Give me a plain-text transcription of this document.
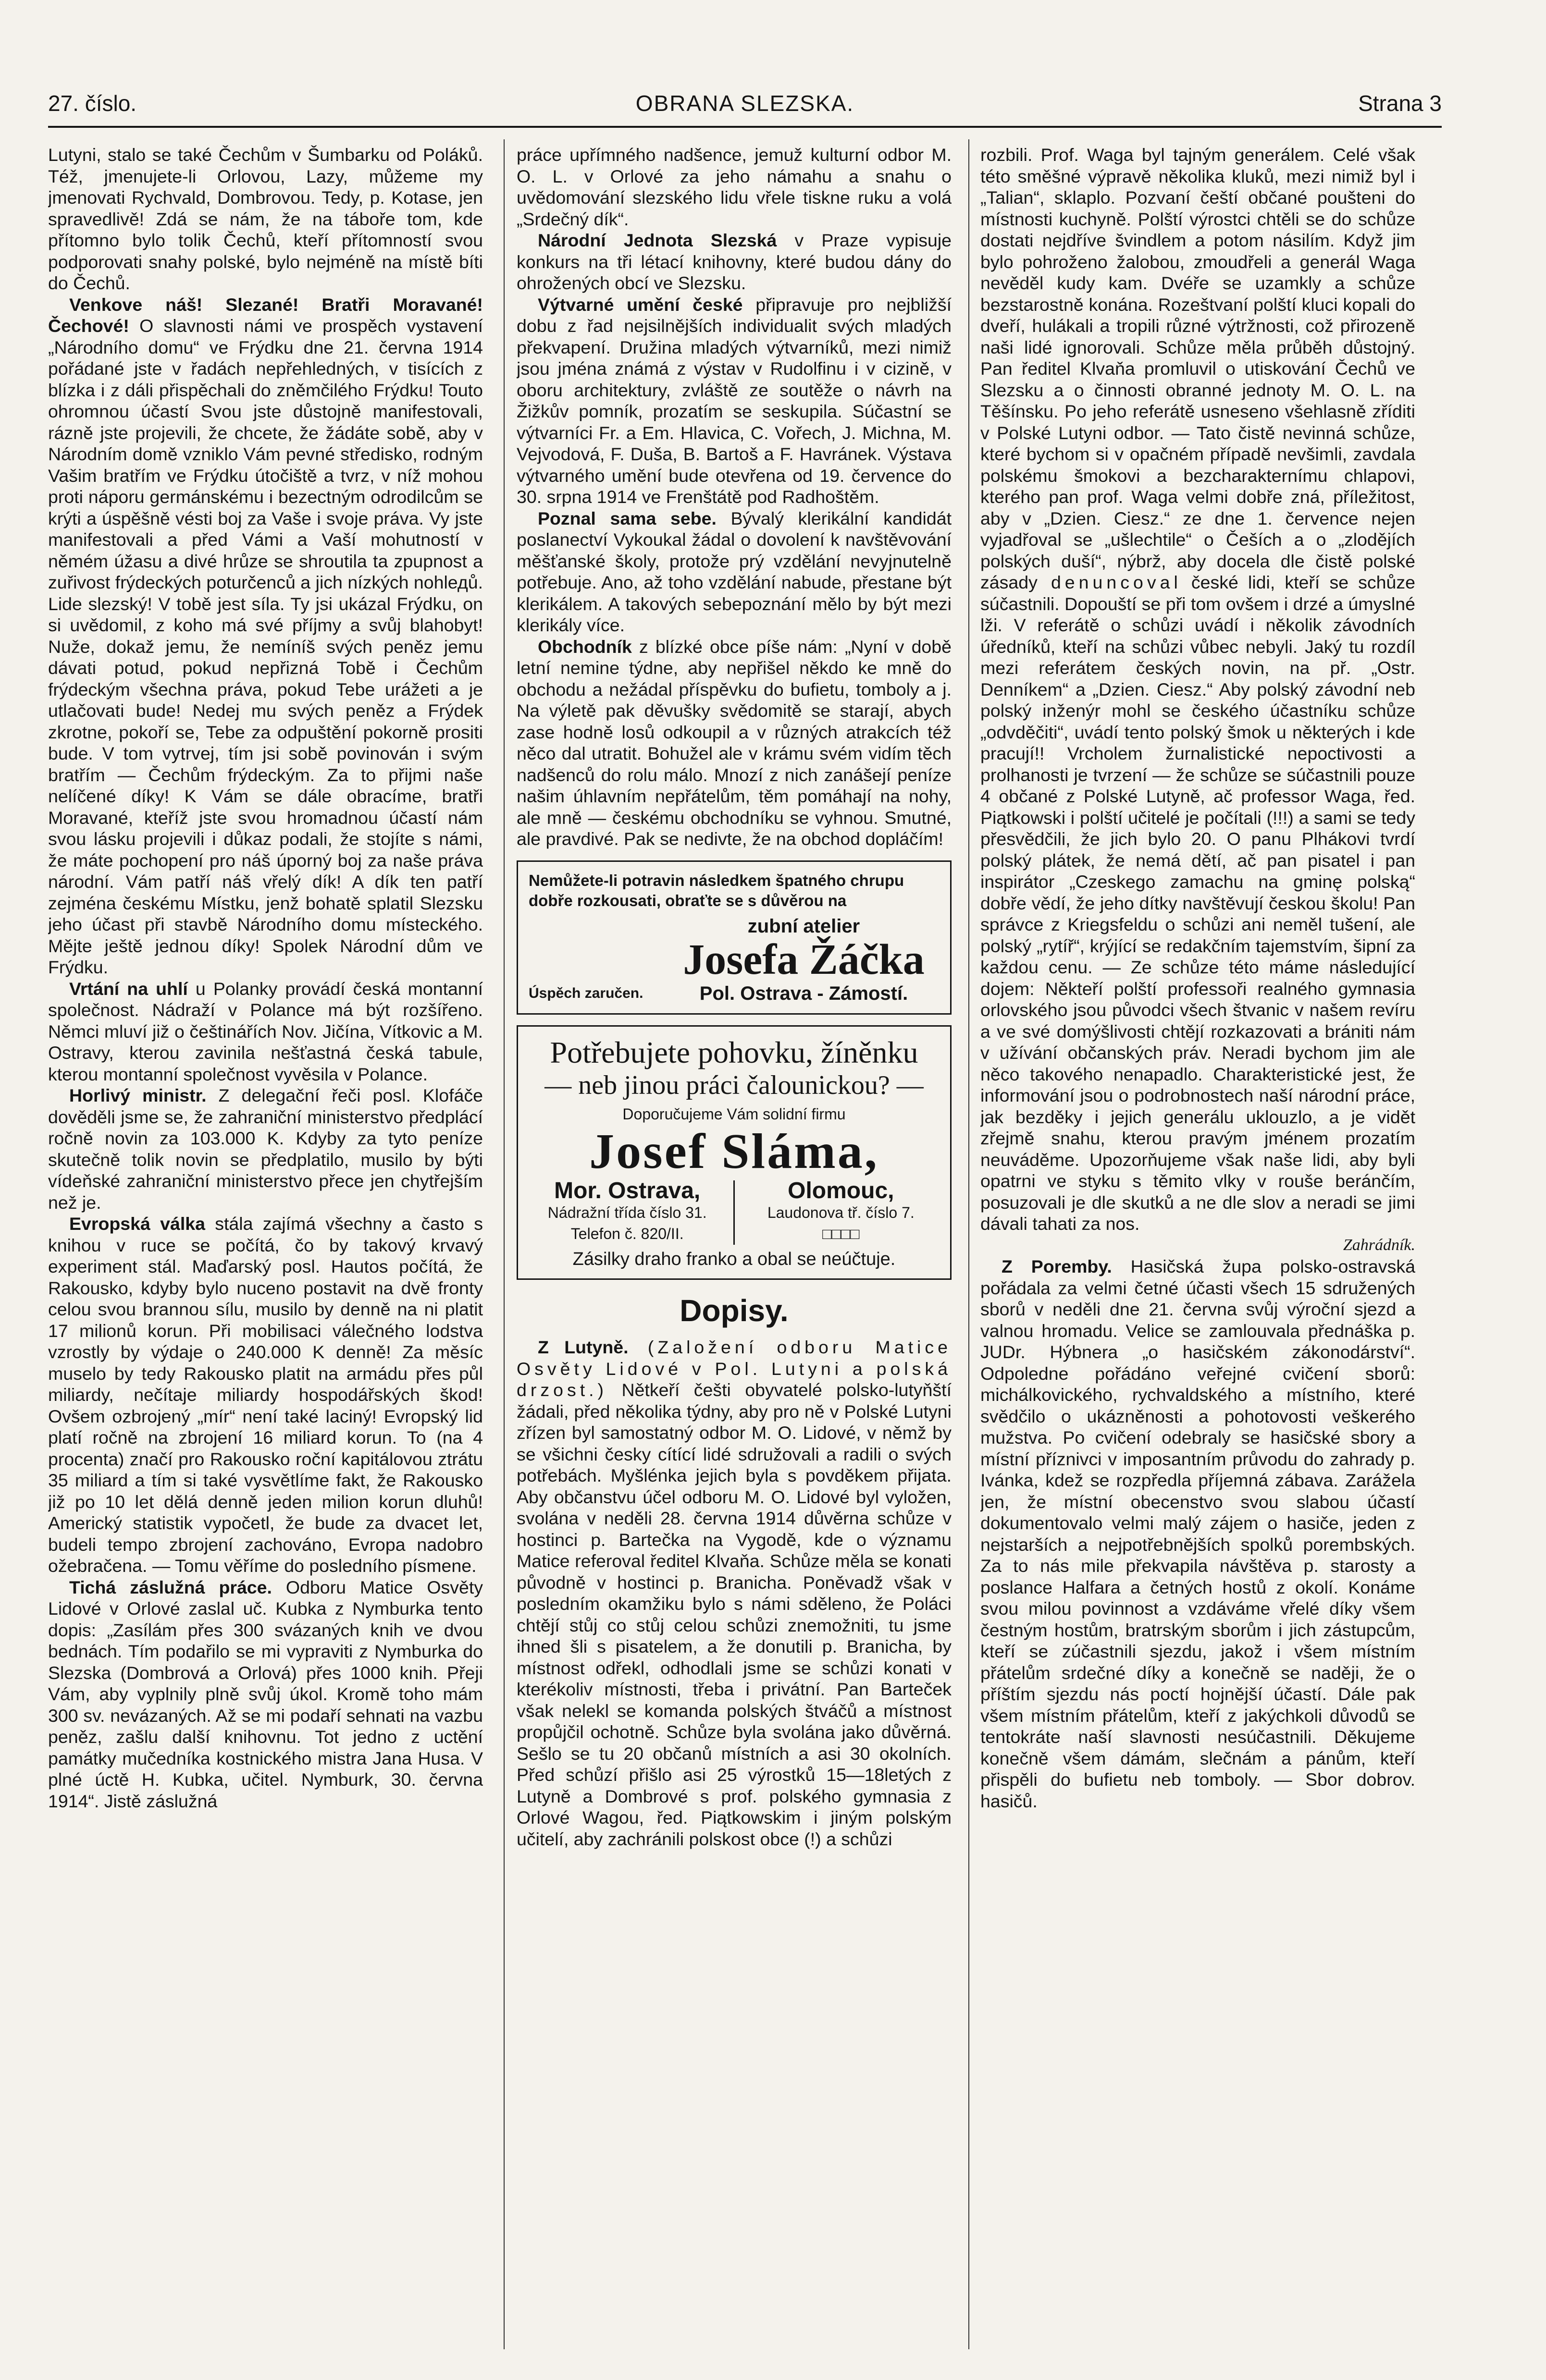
OBRANA SLEZSKA.
27. číslo.	Strana 3

Lutyni, stalo se také Čechům v Šumbarku od Poláků. Též, jmenujete-li Orlovou, Lazy, můžeme my jmenovati Rychvald, Dombrovou. Tedy, p. Kotase, jen spravedlivě! Zdá se nám, že na táboře tom, kde přítomno bylo tolik Čechů, kteří přítomností svou podporovati snahy polské, bylo nejméně na místě bíti do Čechů.

Venkove náš! Slezané! Bratři Moravané! Čechové! O slavnosti námi ve prospěch vystavení „Národního domu“ ve Frýdku dne 21. června 1914 pořádané jste v řadách nepřehledných, v tisících z blízka i z dáli přispěchali do zněmčilého Frýdku! Touto ohromnou účastí Svou jste důstojně manifestovali, rázně jste projevili, že chcete, že žádáte sobě, aby v Národním domě vzniklo Vám pevné středisko, rodným Vašim bratřím ve Frýdku útočiště a tvrz, v níž mohou proti náporu germánskému i bezectným odrodilcům se krýti a úspěšně vésti boj za Vaše i svoje práva. Vy jste manifestovali a před Vámi a Vaší mohutností v němém úžasu a divé hrůze se shroutila ta zpupnost a zuřivost frýdeckých poturčenců a jich nízkých nohlедů. Lide slezský! V tobě jest síla. Ty jsi ukázal Frýdku, on si uvědomil, z koho má své příjmy a svůj blahobyt! Nuže, dokaž jemu, že nemíníš svých peněz jemu dávati potud, pokud nepřizná Tobě i Čechům frýdeckým všechna práva, pokud Tebe urážeti a je utlačovati bude! Nedej mu svých peněz a Frýdek zkrotne, pokoří se, Tebe za odpuštění pokorně prositi bude. V tom vytrvej, tím jsi sobě povinován i svým bratřím — Čechům frýdeckým. Za to přijmi naše nelíčené díky! K Vám se dále obracíme, bratři Moravané, kteříž jste svou hromadnou účastí nám svou lásku projevili i důkaz podali, že stojíte s námi, že máte pochopení pro náš úporný boj za naše práva národní. Vám patří náš vřelý dík! A dík ten patří zejména českému Místku, jenž bohatě splatil Slezsku jeho účast při stavbě Národního domu místeckého. Mějte ještě jednou díky! Spolek Národní dům ve Frýdku.

Vrtání na uhlí u Polanky provádí česká montanní společnost. Nádraží v Polance má být rozšířeno. Němci mluví již o češtinářích Nov. Jičína, Vítkovic a M. Ostravy, kterou zavinila nešťastná česká tabule, kterou montanní společnost vyvěsila v Polance.

Horlivý ministr. Z delegační řeči posl. Klofáče dověděli jsme se, že zahraniční ministerstvo předplácí ročně novin za 103.000 K. Kdyby za tyto peníze skutečně tolik novin se předplatilo, musilo by býti vídeňské zahraniční ministerstvo přece jen chytřejším než je.

Evropská válka stála zajímá všechny a často s knihou v ruce se počítá, čo by takový krvavý experiment stál. Maďarský posl. Hautos počítá, že Rakousko, kdyby bylo nuceno postavit na dvě fronty celou svou brannou sílu, musilo by denně na ni platit 17 milionů korun. Při mobilisaci válečného lodstva vzrostly by výdaje o 240.000 K denně! Za měsíc muselo by tedy Rakousko platit na armádu přes půl miliardy, nečítaje miliardy hospodářských škod! Ovšem ozbrojený „mír“ není také laciný! Evropský lid platí ročně na zbrojení 16 miliard korun. To (na 4 procenta) značí pro Rakousko roční kapitálovou ztrátu 35 miliard a tím si také vysvětlíme fakt, že Rakousko již po 10 let dělá denně jeden milion korun dluhů! Americký statistik vypočetl, že bude za dvacet let, budeli tempo zbrojení zachováno, Evropa nadobro ožebračena. — Tomu věříme do posledního písmene.

Tichá záslužná práce. Odboru Matice Osvěty Lidové v Orlové zaslal uč. Kubka z Nymburka tento dopis: „Zasílám přes 300 svázaných knih ve dvou bednách. Tím podařilo se mi vypraviti z Nymburka do Slezska (Dombrová a Orlová) přes 1000 knih. Přeji Vám, aby vyplnily plně svůj úkol. Kromě toho mám 300 sv. nevázaných. Až se mi podaří sehnati na vazbu peněz, zašlu další knihovnu. Tot jedno z uctění památky mučedníka kostnického mistra Jana Husa. V plné úctě H. Kubka, učitel. Nymburk, 30. června 1914“. Jistě záslužná

práce upřímného nadšence, jemuž kulturní odbor M. O. L. v Orlové za jeho námahu a snahu o uvědomování slezského lidu vřele tiskne ruku a volá „Srdečný dík“.

Národní Jednota Slezská v Praze vypisuje konkurs na tři létací knihovny, které budou dány do ohrožených obcí ve Slezsku.

Výtvarné umění české připravuje pro nejbližší dobu z řad nejsilnějších individualit svých mladých překvapení. Družina mladých výtvarníků, mezi nimiž jsou jména známá z výstav v Rudolfinu i v cizině, v oboru architektury, zvláště ze soutěže o návrh na Žižkův pomník, prozatím se seskupila. Súčastní se výtvarníci Fr. a Em. Hlavica, C. Vořech, J. Michna, M. Vejvodová, F. Duša, B. Bartoš a F. Havránek. Výstava výtvarného umění bude otevřena od 19. července do 30. srpna 1914 ve Frenštátě pod Radhoštěm.

Poznal sama sebe. Bývalý klerikální kandidát poslanectví Vykoukal žádal o dovolení k navštěvování měšťanské školy, protože prý vzdělání nevyjnutelně potřebuje. Ano, až toho vzdělání nabude, přestane být klerikálem. A takových sebepoznání mělo by být mezi klerikály více.

Obchodník z blízké obce píše nám: „Nyní v době letní nemine týdne, aby nepřišel někdo ke mně do obchodu a nežádal příspěvku do bufietu, tomboly a j. Na výletě pak děvušky svědomitě se starají, abych zase hodně losů odkoupil a v různých atrakcích též něco dal utratit. Bohužel ale v krámu svém vidím těch nadšenců do rolu málo. Mnozí z nich zanášejí peníze našim úhlavním nepřátelům, těm pomáhají na nohy, ale mně — českému obchodníku se vyhnou. Smutné, ale pravdivé. Pak se nedivte, že na obchod dopláčím!

Nemůžete-li potravin následkem špatného chrupu dobře rozkousati, obraťte se s důvěrou na
Úspěch zaručen.
zubní atelier
Josefa Žáčka
Pol. Ostrava - Zámostí.
Potřebujete pohovku, žíněnku
— neb jinou práci čalounickou? —
Doporučujeme Vám solidní firmu
Josef Sláma,
Mor. Ostrava,
Nádražní třída číslo 31.
Telefon č. 820/II.
Olomouc,
Laudonova tř. číslo 7.
□□□□
Zásilky draho franko a obal se neúčtuje.
Dopisy.

Z Lutyně. (Založení odboru Matice Osvěty Lidové v Pol. Lutyni a polská drzost.) Nětkeří češti obyvatelé polsko-lutyňští žádali, před několika týdny, aby pro ně v Polské Lutyni zřízen byl samostatný odbor M. O. Lidové, v němž by se všichni česky cítící lidé sdružovali a radili o svých potřebách. Myšlénka jejich byla s povděkem přijata. Aby občanstvu účel odboru M. O. Lidové byl vyložen, svolána v neděli 28. června 1914 důvěrna schůze v hostinci p. Bartečka na Vygodě, kde o významu Matice referoval ředitel Klvaňa. Schůze měla se konati původně v hostinci p. Branicha. Poněvadž však v posledním okamžiku bylo s námi sděleno, že Poláci chtějí stůj co stůj celou schůzi znemožniti, tu jsme ihned šli s pisatelem, a že donutili p. Branicha, by místnost odřekl, odhodlali jsme se schůzi konati v kterékoliv místnosti, třeba i privátní. Pan Barteček však nelekl se komanda polských štváčů a místnost propůjčil ochotně. Schůze byla svolána jako důvěrná. Sešlo se tu 20 občanů místních a asi 30 okolních. Před schůzí přišlo asi 25 výrostků 15—18letých z Lutyně a Dombrové s prof. polského gymnasia z Orlové Wagou, řed. Piątkowskim i jiným polským učitelí, aby zachránili polskost obce (!) a schůzi

rozbili. Prof. Waga byl tajným generálem. Celé však této směšné výpravě několika kluků, mezi nimiž byl i „Talian“, sklaplo. Pozvaní čeští občané poušteni do místnosti kuchyně. Polští výrostci chtěli se do schůze dostati nejdříve švindlem a potom násilím. Když jim bylo pohroženo žalobou, zmoudřeli a generál Waga nevěděl kudy kam. Dvéře se uzamkly a schůze bezstarostně konána. Rozeštvaní polští kluci kopali do dveří, hulákali a tropili různé výtržnosti, což přirozeně naši lidé ignorovali. Schůze měla průběh důstojný. Pan ředitel Klvaňa promluvil o utiskování Čechů ve Slezsku a o činnosti obranné jednoty M. O. L. na Těšínsku. Po jeho referátě usneseno všehlasně zříditi v Polské Lutyni odbor. — Tato čistě nevinná schůze, které bychom si v opačném případě nevšimli, zavdala polskému šmokovi a bezcharakternímu chlapovi, kterého pan prof. Waga velmi dobře zná, příležitost, aby v „Dzien. Ciesz.“ ze dne 1. července nejen vyjadřoval se „ušlechtile“ o Češích a o „zlodějích polských duší“, nýbrž, aby docela dle čistě polské zásady denuncoval české lidi, kteří se schůze súčastnili. Dopouští se při tom ovšem i drzé a úmyslné lži. V referátě o schůzi uvádí i několik závodních úředníků, kteří na schůzi vůbec nebyli. Jaký tu rozdíl mezi referátem českých novin, na př. „Ostr. Denníkem“ a „Dzien. Ciesz.“ Aby polský závodní neb polský inženýr mohl se českého účastníku schůze „odvděčiti“, uvádí tento polský šmok u některých i kde pracují!! Vrcholem žurnalistické nepoctivosti a prolhanosti je tvrzení — že schůze se súčastnili pouze 4 občané z Polské Lutyně, ač professor Waga, řed. Piątkowski i polští učitelé je počítali (!!!) a sami se tedy přesvědčili, že jich bylo 20. O panu Plhákovi tvrdí polský plátek, že nemá dětí, ač pan pisatel i pan inspirátor „Czeskego zamachu na gminę polską“ dobře vědí, že jeho dítky navštěvují českou školu! Pan správce z Kriegsfeldu o schůzi ani neměl tušení, ale polský „rytíř“, krýjící se redakčním tajemstvím, šipní za každou cenu. — Ze schůze této máme následující dojem: Někteří polští professoři realného gymnasia orlovského jsou původci všech štvanic v našem revíru a ve své domýšlivosti chtějí rozkazovati a brániti nám v užívání občanských práv. Neradi bychom jim ale něco takového nenapadlo. Charakteristické jest, že informování jsou o podrobnostech naší národní práce, jak bezděky i jejich generálu uklouzlo, a je vidět zřejmě snahu, kterou pravým jménem prozatím neuváděme. Upozorňujeme však naše lidi, aby byli opatrni ve styku s těmito vlky v rouše beránčím, posuzovali je dle skutků a ne dle slov a neradi se jimi dávali tahati za nos.

Zahrádník.

Z Poremby. Hasičská župa polsko-ostravská pořádala za velmi četné účasti všech 15 sdružených sborů v neděli dne 21. června svůj výroční sjezd a valnou hromadu. Velice se zamlouvala přednáška p. JUDr. Hýbnera „o hasičském zákonodárství“. Odpoledne pořádáno veřejné cvičení sborů: michálkovického, rychvaldského a místního, které svědčilo o ukázněnosti a pohotovosti veškerého mužstva. Po cvičení odebraly se hasičské sbory a místní příznivci v imposantním průvodu do zahrady p. Ivánka, kdež se rozpředla příjemná zábava. Zarážela jen, že místní obecenstvo svou slabou účastí dokumentovalo velmi malý zájem o hasiče, jeden z nejstarších a nejpotřebnějších spolků porembských. Za to nás mile překvapila návštěva p. starosty a poslance Halfara a četných hostů z okolí. Konáme svou milou povinnost a vzdáváme vřelé díky všem čestným hostům, bratrským sborům i jich zástupcům, kteří se zúčastnili sjezdu, jakož i všem místním přátelům srdečné díky a konečně se naději, že o příštím sjezdu nás poctí hojnější účastí. Dále pak všem místním přátelům, kteří z jakýchkoli důvodů se tentokráte naší slavnosti nesúčastnili. Děkujeme konečně všem dámám, slečnám a pánům, kteří přispěli do bufietu neb tomboly. — Sbor dobrov. hasičů.
